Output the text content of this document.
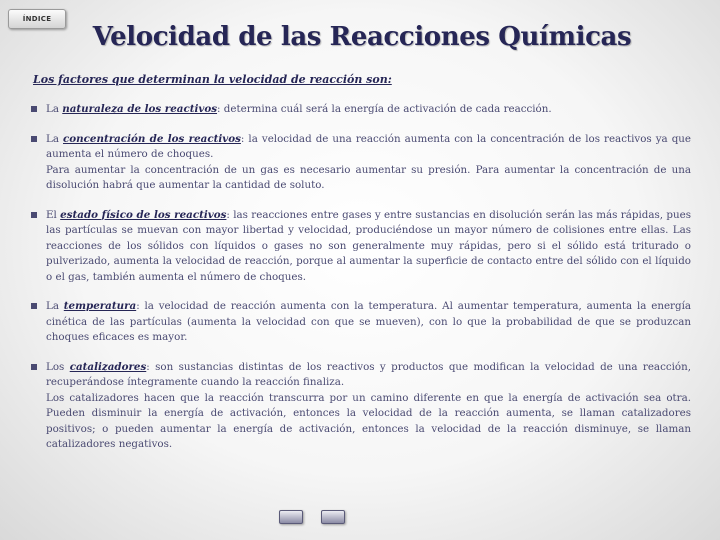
ÍNDICE
Velocidad de las Reacciones Químicas

Los factores que determinan la velocidad de reacción son:

La naturaleza de los reactivos: determina cuál será la energía de activación de cada reacción.

La concentración de los reactivos: la velocidad de una reacción aumenta con la concentración de los reactivos ya que aumenta el número de choques.

Para aumentar la concentración de un gas es necesario aumentar su presión. Para aumentar la concentración de una disolución habrá que aumentar la cantidad de soluto.

El estado físico de los reactivos: las reacciones entre gases y entre sustancias en disolución serán las más rápidas, pues las partículas se muevan con mayor libertad y velocidad, produciéndose un mayor número de colisiones entre ellas. Las reacciones de los sólidos con líquidos o gases no son generalmente muy rápidas, pero si el sólido está triturado o pulverizado, aumenta la velocidad de reacción, porque al aumentar la superficie de contacto entre del sólido con el líquido o el gas, también aumenta el número de choques.

La temperatura: la velocidad de reacción aumenta con la temperatura. Al aumentar temperatura, aumenta la energía cinética de las partículas (aumenta la velocidad con que se mueven), con lo que la probabilidad de que se produzcan choques eficaces es mayor.

Los catalizadores: son sustancias distintas de los reactivos y productos que modifican la velocidad de una reacción, recuperándose íntegramente cuando la reacción finaliza.

Los catalizadores hacen que la reacción transcurra por un camino diferente en que la energía de activación sea otra. Pueden disminuir la energía de activación, entonces la velocidad de la reacción aumenta, se llaman catalizadores positivos; o pueden aumentar la energía de activación, entonces la velocidad de la reacción disminuye, se llaman catalizadores negativos.
